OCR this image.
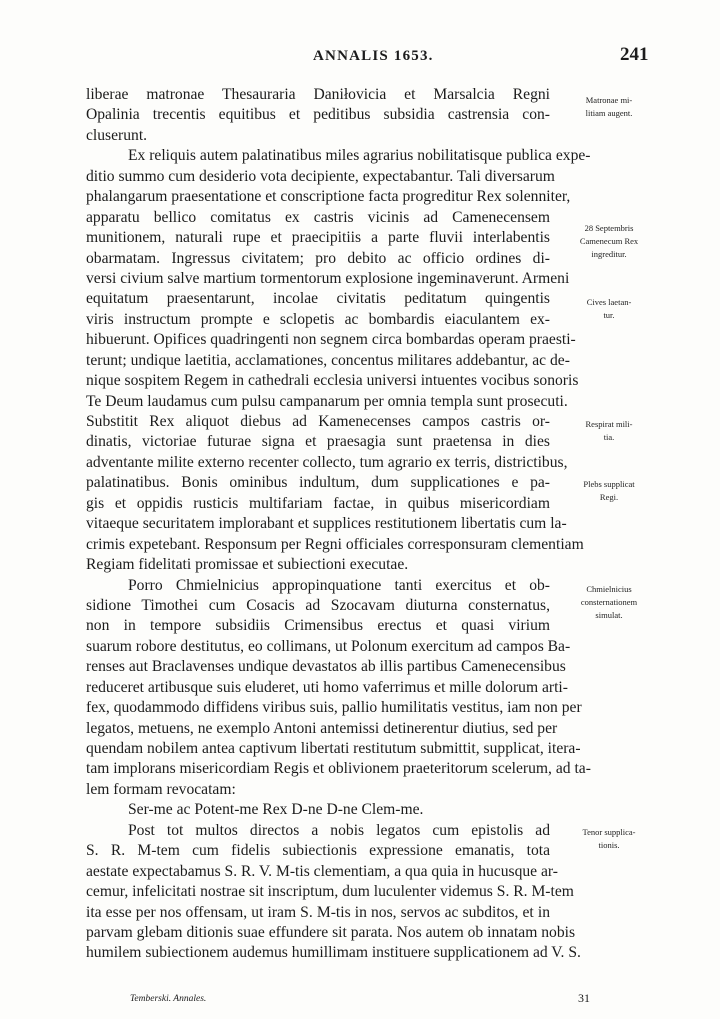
ANNALIS 1653.	241
liberae matronae Thesauraria Daniłovicia et Marsalcia Regni
Opalinia trecentis equitibus et peditibus subsidia castrensia con-
cluserunt.
Ex reliquis autem palatinatibus miles agrarius nobilitatisque publica expe-
ditio summo cum desiderio vota decipiente, expectabantur. Tali diversarum
phalangarum praesentatione et conscriptione facta progreditur Rex solenniter,
apparatu bellico comitatus ex castris vicinis ad Camenecensem
munitionem, naturali rupe et praecipitiis a parte fluvii interlabentis
obarmatam. Ingressus civitatem; pro debito ac officio ordines di-
versi civium salve martium tormentorum explosione ingeminaverunt. Armeni
equitatum praesentarunt, incolae civitatis peditatum quingentis
viris instructum prompte e sclopetis ac bombardis eiaculantem ex-
hibuerunt. Opifices quadringenti non segnem circa bombardas operam praesti-
terunt; undique laetitia, acclamationes, concentus militares addebantur, ac de-
nique sospitem Regem in cathedrali ecclesia universi intuentes vocibus sonoris
Te Deum laudamus cum pulsu campanarum per omnia templa sunt prosecuti.
Substitit Rex aliquot diebus ad Kamenecenses campos castris or-
dinatis, victoriae futurae signa et praesagia sunt praetensa in dies
adventante milite externo recenter collecto, tum agrario ex terris, districtibus,
palatinatibus. Bonis ominibus indultum, dum supplicationes e pa-
gis et oppidis rusticis multifariam factae, in quibus misericordiam
vitaeque securitatem implorabant et supplices restitutionem libertatis cum la-
crimis expetebant. Responsum per Regni officiales corresponsuram clementiam
Regiam fidelitati promissae et subiectioni executae.
Porro Chmielnicius appropinquatione tanti exercitus et ob-
sidione Timothei cum Cosacis ad Szocavam diuturna consternatus,
non in tempore subsidiis Crimensibus erectus et quasi virium
suarum robore destitutus, eo collimans, ut Polonum exercitum ad campos Ba-
renses aut Braclavenses undique devastatos ab illis partibus Camenecensibus
reduceret artibusque suis eluderet, uti homo vaferrimus et mille dolorum arti-
fex, quodammodo diffidens viribus suis, pallio humilitatis vestitus, iam non per
legatos, metuens, ne exemplo Antoni antemissi detinerentur diutius, sed per
quendam nobilem antea captivum libertati restitutum submittit, supplicat, itera-
tam implorans misericordiam Regis et oblivionem praeteritorum scelerum, ad ta-
lem formam revocatam:
Ser-me ac Potent-me Rex D-ne D-ne Clem-me.
Post tot multos directos a nobis legatos cum epistolis ad
S. R. M-tem cum fidelis subiectionis expressione emanatis, tota
aestate expectabamus S. R. V. M-tis clementiam, a qua quia in hucusque ar-
cemur, infelicitati nostrae sit inscriptum, dum luculenter videmus S. R. M-tem
ita esse per nos offensam, ut iram S. M-tis in nos, servos ac subditos, et in
parvam glebam ditionis suae effundere sit parata. Nos autem ob innatam nobis
humilem subiectionem audemus humillimam instituere supplicationem ad V. S.
Matronae mi-
litiam augent.
28 Septembris
Camenecum Rex
ingreditur.
Cives laetan-
tur.
Respirat mili-
tia.
Plebs supplicat
Regi.
Chmielnicius
consternationem
simulat.
Tenor supplica-
tionis.
Temberski. Annales.	31
